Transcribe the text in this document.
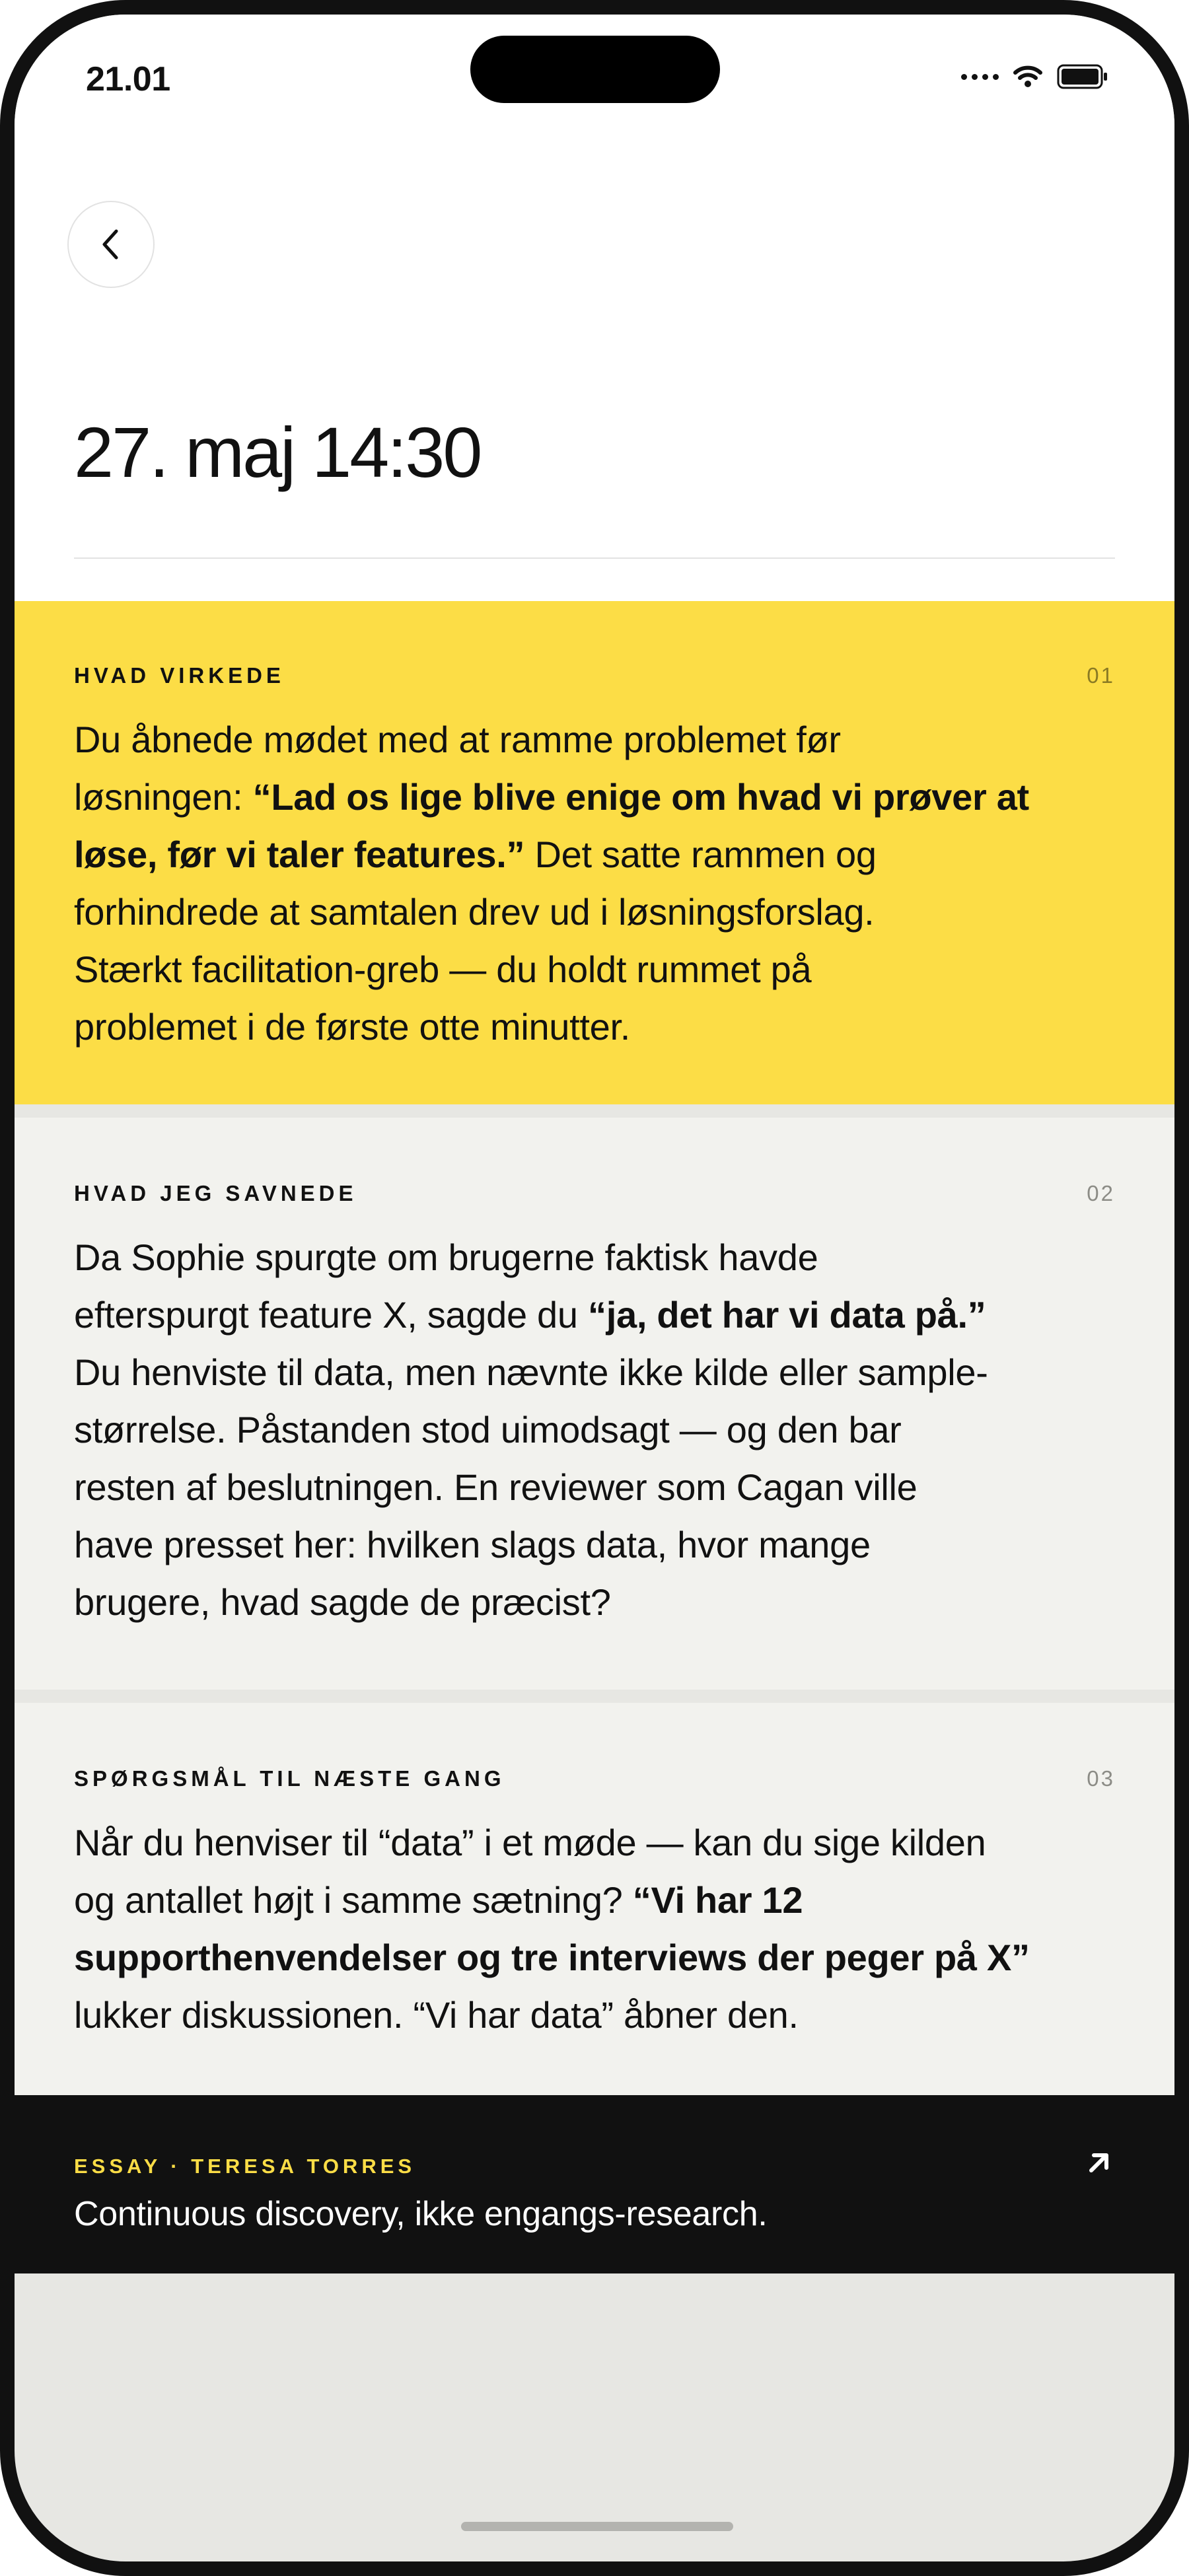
21.01
27. maj 14:30
HVAD VIRKEDE	01
Du åbnede mødet med at ramme problemet før
løsningen: “Lad os lige blive enige om hvad vi prøver at
løse, før vi taler features.” Det satte rammen og
forhindrede at samtalen drev ud i løsningsforslag.
Stærkt facilitation-greb — du holdt rummet på
problemet i de første otte minutter.
HVAD JEG SAVNEDE	02
Da Sophie spurgte om brugerne faktisk havde
efterspurgt feature X, sagde du “ja, det har vi data på.”
Du henviste til data, men nævnte ikke kilde eller sample-
størrelse. Påstanden stod uimodsagt — og den bar
resten af beslutningen. En reviewer som Cagan ville
have presset her: hvilken slags data, hvor mange
brugere, hvad sagde de præcist?
SPØRGSMÅL TIL NÆSTE GANG	03
Når du henviser til “data” i et møde — kan du sige kilden
og antallet højt i samme sætning? “Vi har 12
supporthenvendelser og tre interviews der peger på X”
lukker diskussionen. “Vi har data” åbner den.
ESSAY · TERESA TORRES
Continuous discovery, ikke engangs-research.
